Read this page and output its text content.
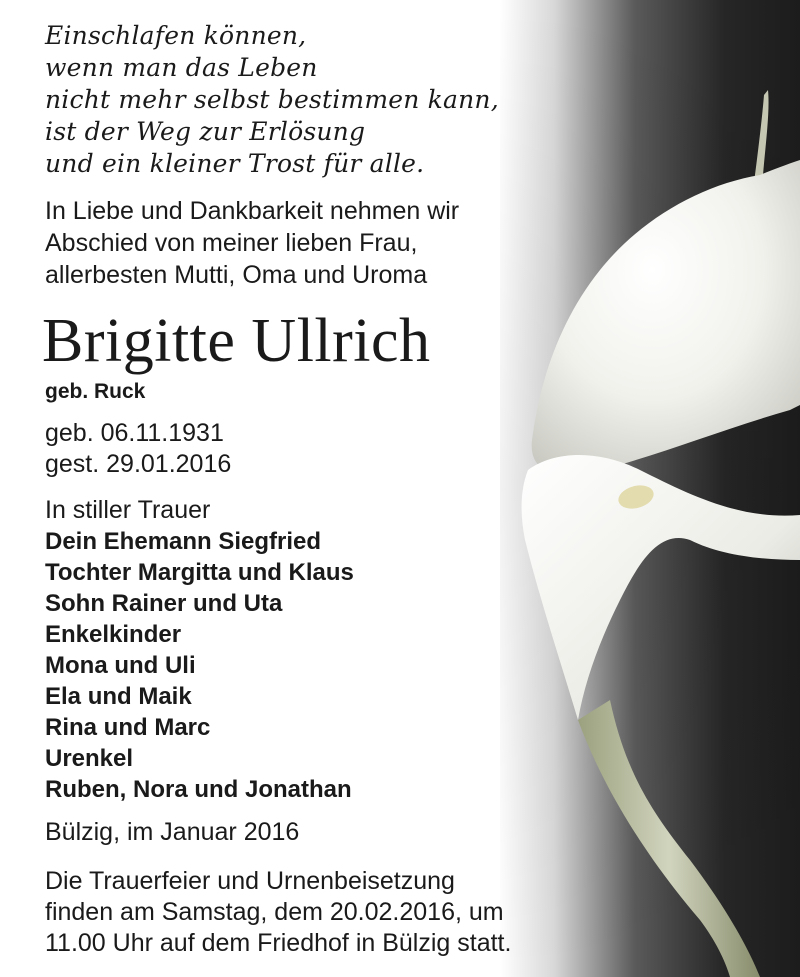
Einschlafen können,
wenn man das Leben
nicht mehr selbst bestimmen kann,
ist der Weg zur Erlösung
und ein kleiner Trost für alle.
In Liebe und Dankbarkeit nehmen wir
Abschied von meiner lieben Frau,
allerbesten Mutti, Oma und Uroma
Brigitte Ullrich
geb. Ruck
geb. 06.11.1931
gest. 29.01.2016
In stiller Trauer
Dein Ehemann Siegfried
Tochter Margitta und Klaus
Sohn Rainer und Uta
Enkelkinder
Mona und Uli
Ela und Maik
Rina und Marc
Urenkel
Ruben, Nora und Jonathan
Bülzig, im Januar 2016
Die Trauerfeier und Urnenbeisetzung
finden am Samstag, dem 20.02.2016, um
11.00 Uhr auf dem Friedhof in Bülzig statt.
